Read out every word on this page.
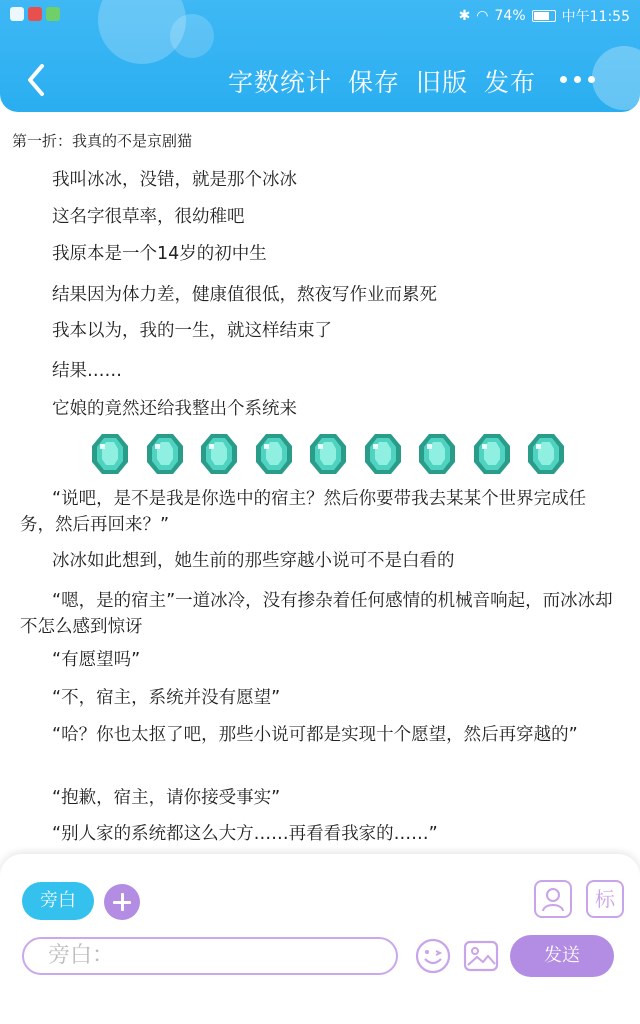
✱ ◠ 74%	中午11:55
字数统计 保存 旧版 发布
第一折：我真的不是京剧猫
我叫冰冰，没错，就是那个冰冰
这名字很草率，很幼稚吧
我原本是一个14岁的初中生
结果因为体力差，健康值很低，熬夜写作业而累死
我本以为，我的一生，就这样结束了
结果……
它娘的竟然还给我整出个系统来
“说吧，是不是我是你选中的宿主？然后你要带我去某某个世界完成任务，然后再回来？”
冰冰如此想到，她生前的那些穿越小说可不是白看的
“嗯，是的宿主”一道冰冷，没有掺杂着任何感情的机械音响起，而冰冰却不怎么感到惊讶
“有愿望吗”
“不，宿主，系统并没有愿望”
“哈？你也太抠了吧，那些小说可都是实现十个愿望，然后再穿越的”
“抱歉，宿主，请你接受事实”
“别人家的系统都这么大方……再看看我家的……”
旁白	标
旁白：	发送
